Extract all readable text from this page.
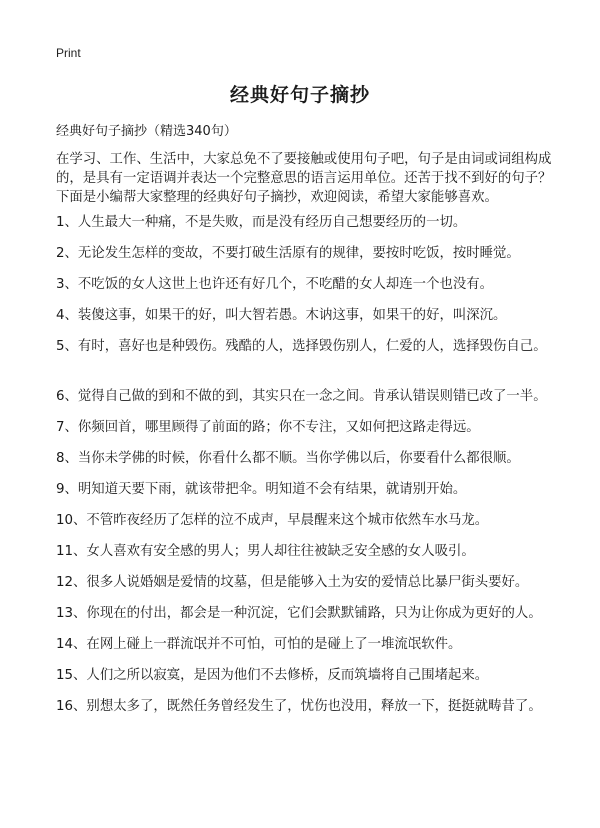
Print
经典好句子摘抄

经典好句子摘抄（精选340句）

在学习、工作、生活中，大家总免不了要接触或使用句子吧，句子是由词或词组构成的，是具有一定语调并表达一个完整意思的语言运用单位。还苦于找不到好的句子？下面是小编帮大家整理的经典好句子摘抄，欢迎阅读，希望大家能够喜欢。

1、人生最大一种痛，不是失败，而是没有经历自己想要经历的一切。
2、无论发生怎样的变故，不要打破生活原有的规律，要按时吃饭，按时睡觉。
3、不吃饭的女人这世上也许还有好几个，不吃醋的女人却连一个也没有。
4、装傻这事，如果干的好，叫大智若愚。木讷这事，如果干的好，叫深沉。
5、有时，喜好也是种毁伤。残酷的人，选择毁伤别人，仁爱的人，选择毁伤自己。
6、觉得自己做的到和不做的到，其实只在一念之间。肯承认错误则错已改了一半。
7、你频回首，哪里顾得了前面的路；你不专注，又如何把这路走得远。
8、当你未学佛的时候，你看什么都不顺。当你学佛以后，你要看什么都很顺。
9、明知道天要下雨，就该带把伞。明知道不会有结果，就请别开始。
10、不管昨夜经历了怎样的泣不成声，早晨醒来这个城市依然车水马龙。
11、女人喜欢有安全感的男人；男人却往往被缺乏安全感的女人吸引。
12、很多人说婚姻是爱情的坟墓，但是能够入土为安的爱情总比暴尸街头要好。
13、你现在的付出，都会是一种沉淀，它们会默默铺路，只为让你成为更好的人。
14、在网上碰上一群流氓并不可怕，可怕的是碰上了一堆流氓软件。
15、人们之所以寂寞，是因为他们不去修桥，反而筑墙将自己围堵起来。
16、别想太多了，既然任务曾经发生了，忧伤也没用，释放一下，挺挺就畴昔了。
